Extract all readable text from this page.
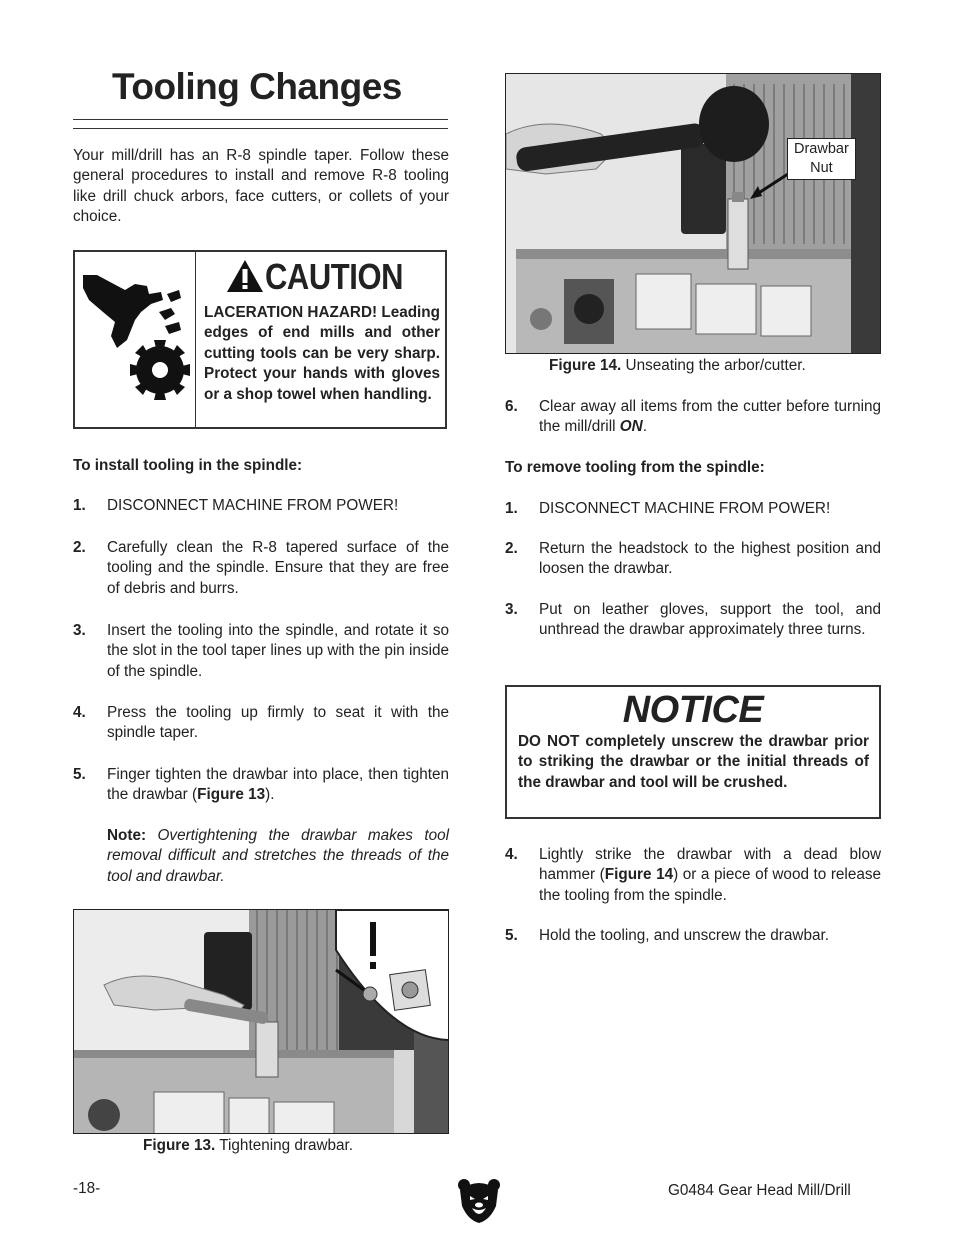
Tooling Changes

Your mill/drill has an R-8 spindle taper. Follow these general procedures to install and remove R-8 tooling like drill chuck arbors, face cutters, or collets of your choice.

CAUTION
LACERATION HAZARD! Leading edges of end mills and other cutting tools can be very sharp. Protect your hands with gloves or a shop towel when handling.

To install tooling in the spindle:

1. DISCONNECT MACHINE FROM POWER!
2. Carefully clean the R-8 tapered surface of the tooling and the spindle. Ensure that they are free of debris and burrs.
3. Insert the tooling into the spindle, and rotate it so the slot in the tool taper lines up with the pin inside of the spindle.
4. Press the tooling up firmly to seat it with the spindle taper.
5. Finger tighten the drawbar into place, then tighten the drawbar (Figure 13).
Note: Overtightening the drawbar makes tool removal difficult and stretches the threads of the tool and drawbar.
Figure 13. Tightening drawbar.
Drawbar
Nut
Figure 14. Unseating the arbor/cutter.
6. Clear away all items from the cutter before turning the mill/drill ON.

To remove tooling from the spindle:

1. DISCONNECT MACHINE FROM POWER!
2. Return the headstock to the highest position and loosen the drawbar.
3. Put on leather gloves, support the tool, and unthread the drawbar approximately three turns.
NOTICE
DO NOT completely unscrew the drawbar prior to striking the drawbar or the initial threads of the drawbar and tool will be crushed.
4. Lightly strike the drawbar with a dead blow hammer (Figure 14) or a piece of wood to release the tooling from the spindle.
5. Hold the tooling, and unscrew the drawbar.
-18-	G0484 Gear Head Mill/Drill
